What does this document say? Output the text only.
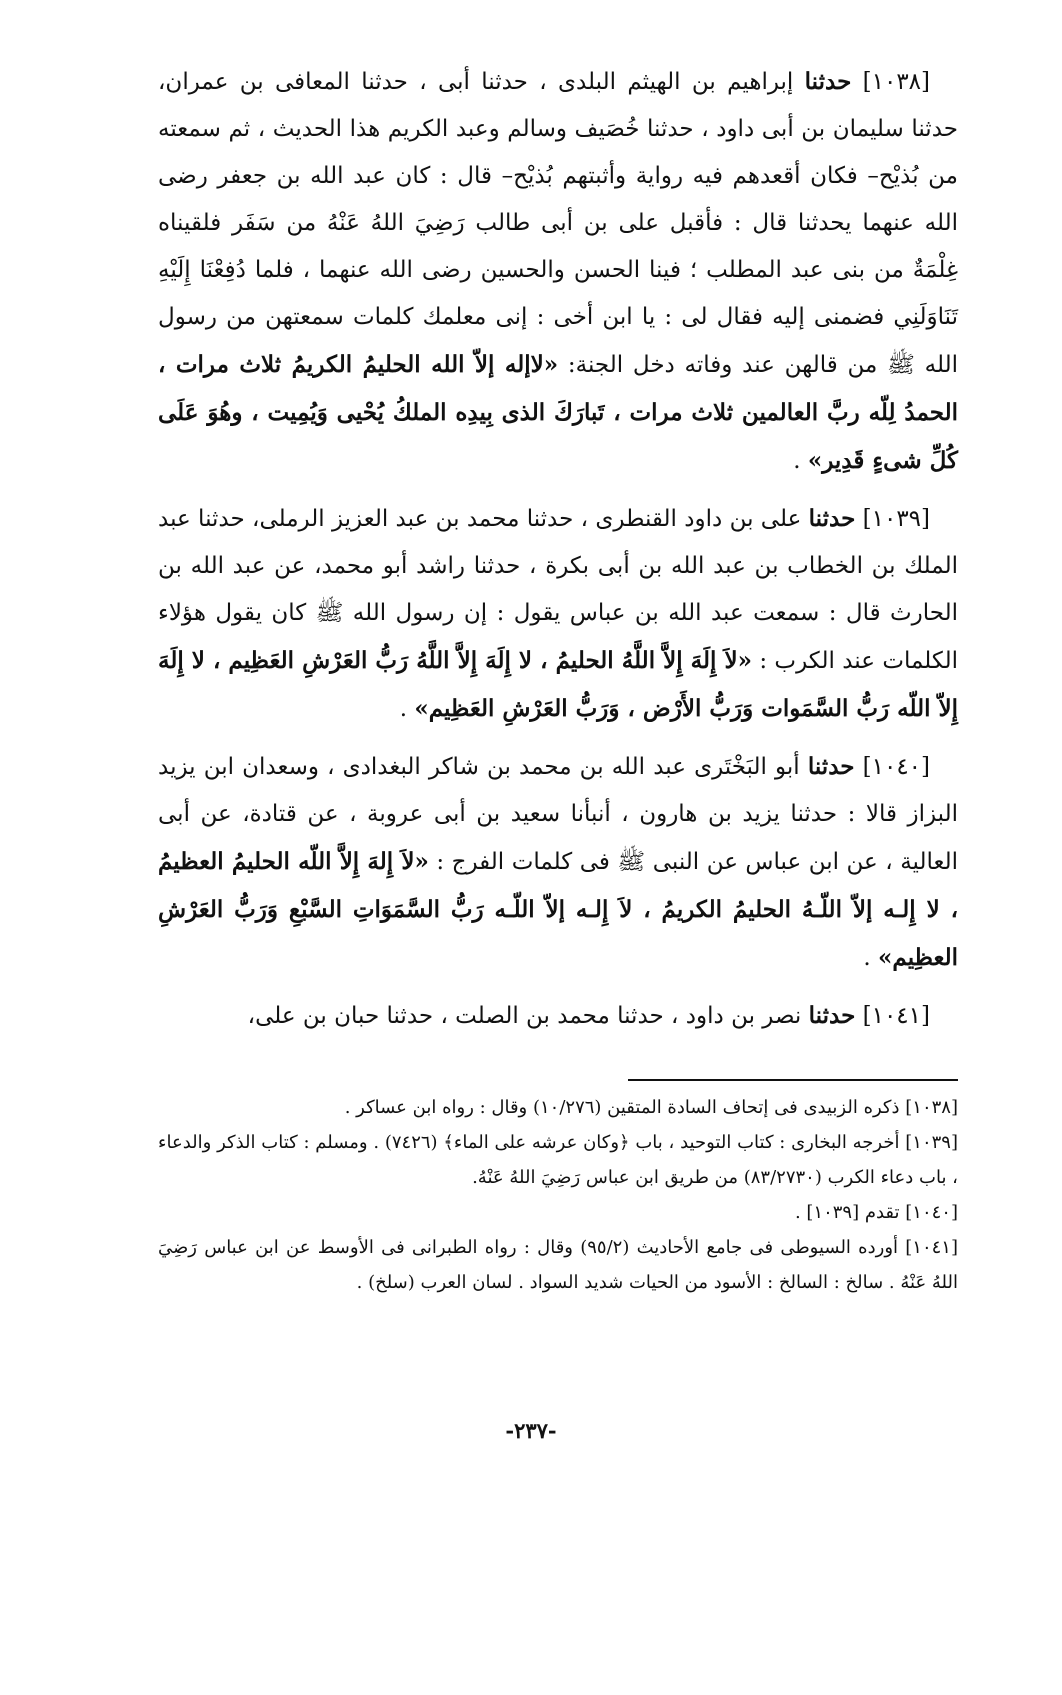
[١٠٣٨] حدثنا إبراهيم بن الهيثم البلدى ، حدثنا أبى ، حدثنا المعافى بن عمران، حدثنا سليمان بن أبى داود ، حدثنا خُصَيف وسالم وعبد الكريم هذا الحديث ، ثم سمعته من بُذيْح– فكان أقعدهم فيه رواية وأثبتهم بُذيْح– قال : كان عبد الله بن جعفر رضى الله عنهما يحدثنا قال : فأقبل على بن أبى طالب رَضِيَ اللهُ عَنْهُ من سَفَر فلقيناه غِلْمَةٌ من بنى عبد المطلب ؛ فينا الحسن والحسين رضى الله عنهما ، فلما دُفِعْنَا إِلَيْهِ تَنَاوَلَنِي فضمنى إليه فقال لى : يا ابن أخى : إنى معلمك كلمات سمعتهن من رسول الله ﷺ من قالهن عند وفاته دخل الجنة: «لاإله إلاّ الله الحليمُ الكريمُ ثلاث مرات ، الحمدُ لِلّه ربَّ العالمين ثلاث مرات ، تَبارَكَ الذى بِيدِه الملكُ يُحْيى وَيُمِيت ، وهُوَ عَلَى كُلِّ شىءٍ قَدِير» .

[١٠٣٩] حدثنا على بن داود القنطرى ، حدثنا محمد بن عبد العزيز الرملى، حدثنا عبد الملك بن الخطاب بن عبد الله بن أبى بكرة ، حدثنا راشد أبو محمد، عن عبد الله بن الحارث قال : سمعت عبد الله بن عباس يقول : إن رسول الله ﷺ كان يقول هؤلاء الكلمات عند الكرب : «لاَ إِلَهَ إِلاَّ اللَّهُ الحليمُ ، لا إِلَهَ إِلاَّ اللَّهُ رَبُّ العَرْشِ العَظِيم ، لا إِلَهَ إِلاّ اللّه رَبُّ السَّمَوات وَرَبُّ الأَرْض ، وَرَبُّ العَرْشِ العَظِيم» .

[١٠٤٠] حدثنا أبو البَخْتَرى عبد الله بن محمد بن شاكر البغدادى ، وسعدان ابن يزيد البزاز قالا : حدثنا يزيد بن هارون ، أنبأنا سعيد بن أبى عروبة ، عن قتادة، عن أبى العالية ، عن ابن عباس عن النبى ﷺ فى كلمات الفرج : «لاَ إِلهَ إِلاَّ اللّه الحليمُ العظيمُ ، لا إِلـه إلاّ اللّـهُ الحليمُ الكريمُ ، لاَ إِلـه إلاّ اللّـه رَبُّ السَّمَوَاتِ السَّبْعِ وَرَبُّ العَرْشِ العظِيم» .

[١٠٤١] حدثنا نصر بن داود ، حدثنا محمد بن الصلت ، حدثنا حبان بن على،

[١٠٣٨] ذكره الزبيدى فى إتحاف السادة المتقين (١٠/٢٧٦) وقال : رواه ابن عساكر .

[١٠٣٩] أخرجه البخارى : كتاب التوحيد ، باب ﴿وكان عرشه على الماء﴾ (٧٤٢٦) . ومسلم : كتاب الذكر والدعاء ، باب دعاء الكرب (٨٣/٢٧٣٠) من طريق ابن عباس رَضِيَ اللهُ عَنْهُ.

[١٠٤٠] تقدم [١٠٣٩] .

[١٠٤١] أورده السيوطى فى جامع الأحاديث (٩٥/٢) وقال : رواه الطبرانى فى الأوسط عن ابن عباس رَضِيَ اللهُ عَنْهُ . سالخ : السالخ : الأسود من الحيات شديد السواد . لسان العرب (سلخ) .

-٢٣٧-
